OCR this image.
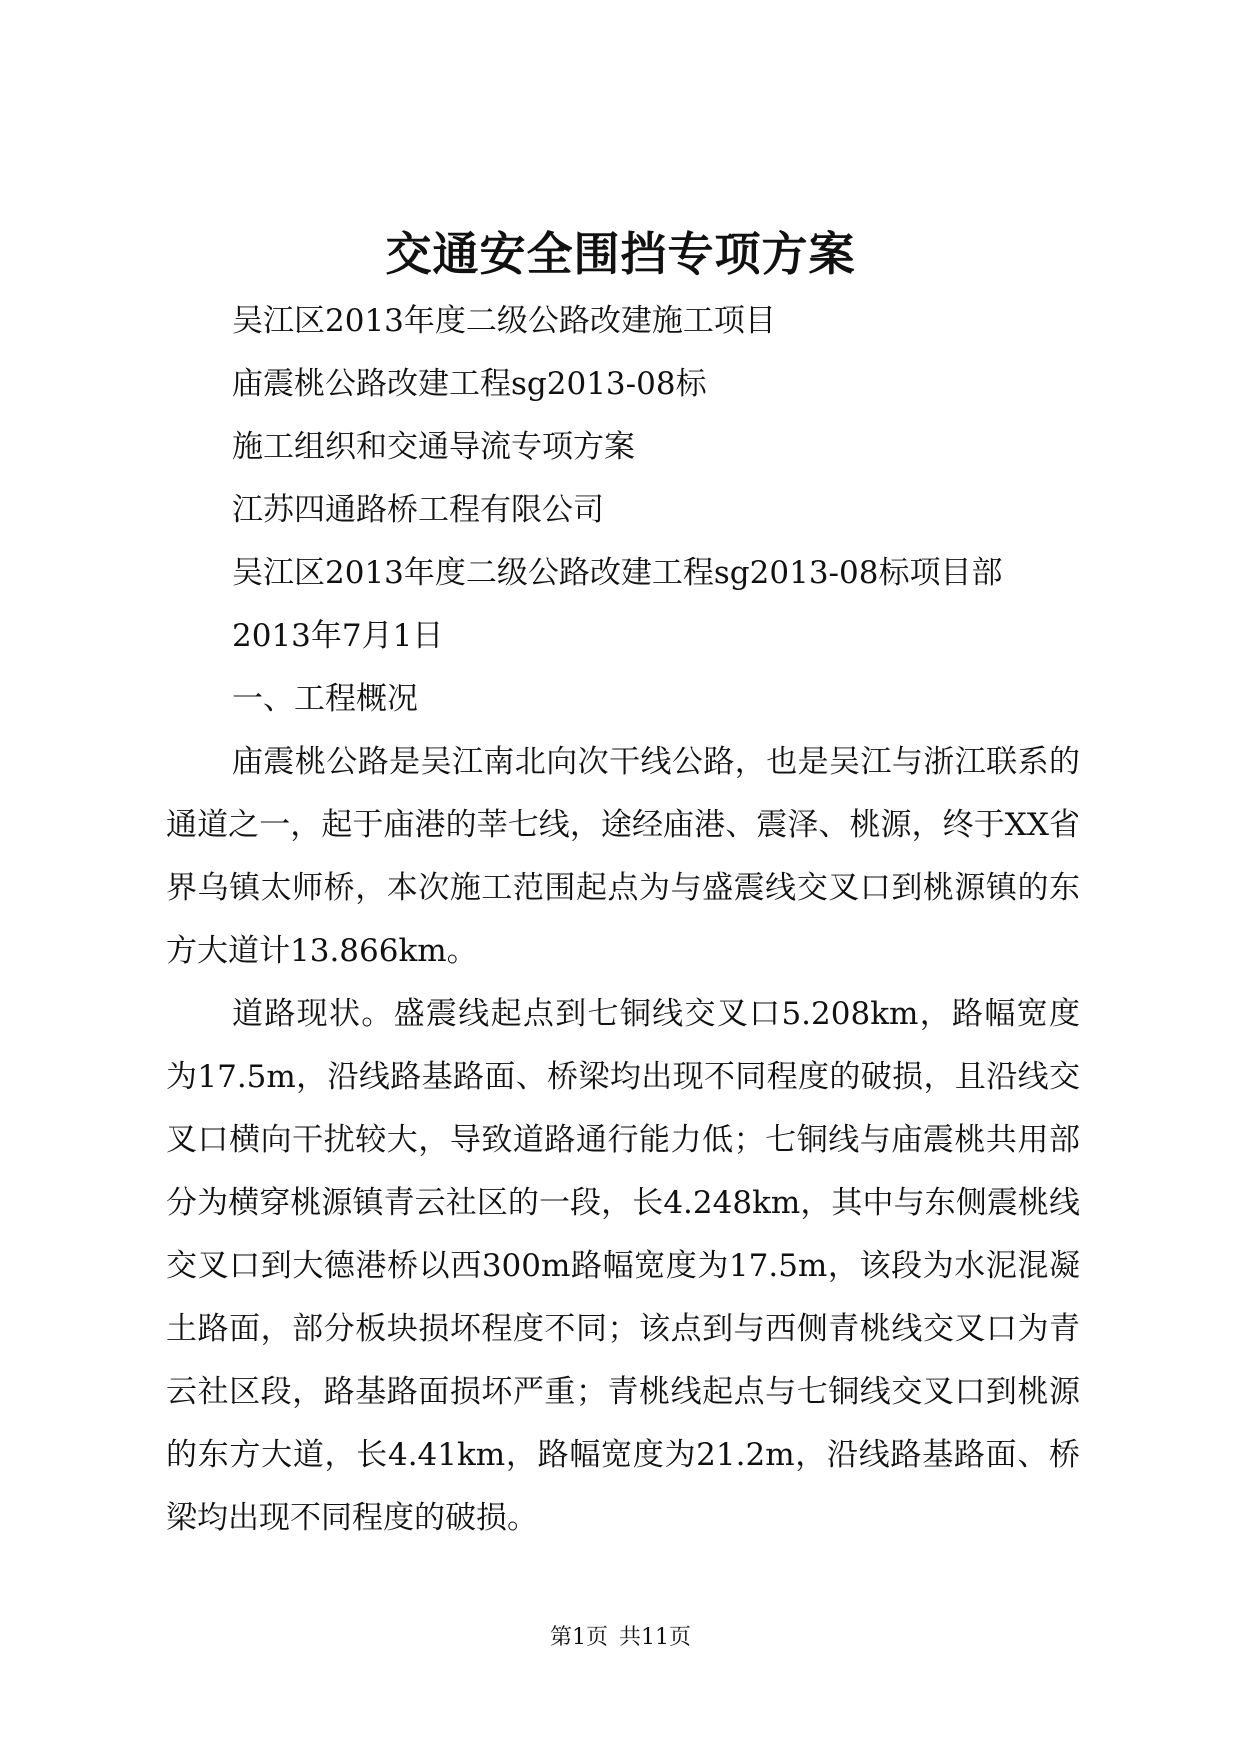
交通安全围挡专项方案

吴江区2013年度二级公路改建施工项目

庙震桃公路改建工程sg2013-08标

施工组织和交通导流专项方案

江苏四通路桥工程有限公司

吴江区2013年度二级公路改建工程sg2013-08标项目部

2013年7月1日

一、工程概况

庙震桃公路是吴江南北向次干线公路，也是吴江与浙江联系的通道之一，起于庙港的莘七线，途经庙港、震泽、桃源，终于XX省界乌镇太师桥，本次施工范围起点为与盛震线交叉口到桃源镇的东方大道计13.866km。

道路现状。盛震线起点到七铜线交叉口5.208km，路幅宽度为17.5m，沿线路基路面、桥梁均出现不同程度的破损，且沿线交叉口横向干扰较大，导致道路通行能力低；七铜线与庙震桃共用部分为横穿桃源镇青云社区的一段，长4.248km，其中与东侧震桃线交叉口到大德港桥以西300m路幅宽度为17.5m，该段为水泥混凝土路面，部分板块损坏程度不同；该点到与西侧青桃线交叉口为青云社区段，路基路面损坏严重；青桃线起点与七铜线交叉口到桃源的东方大道，长4.41km，路幅宽度为21.2m，沿线路基路面、桥梁均出现不同程度的破损。

第1页 共11页
